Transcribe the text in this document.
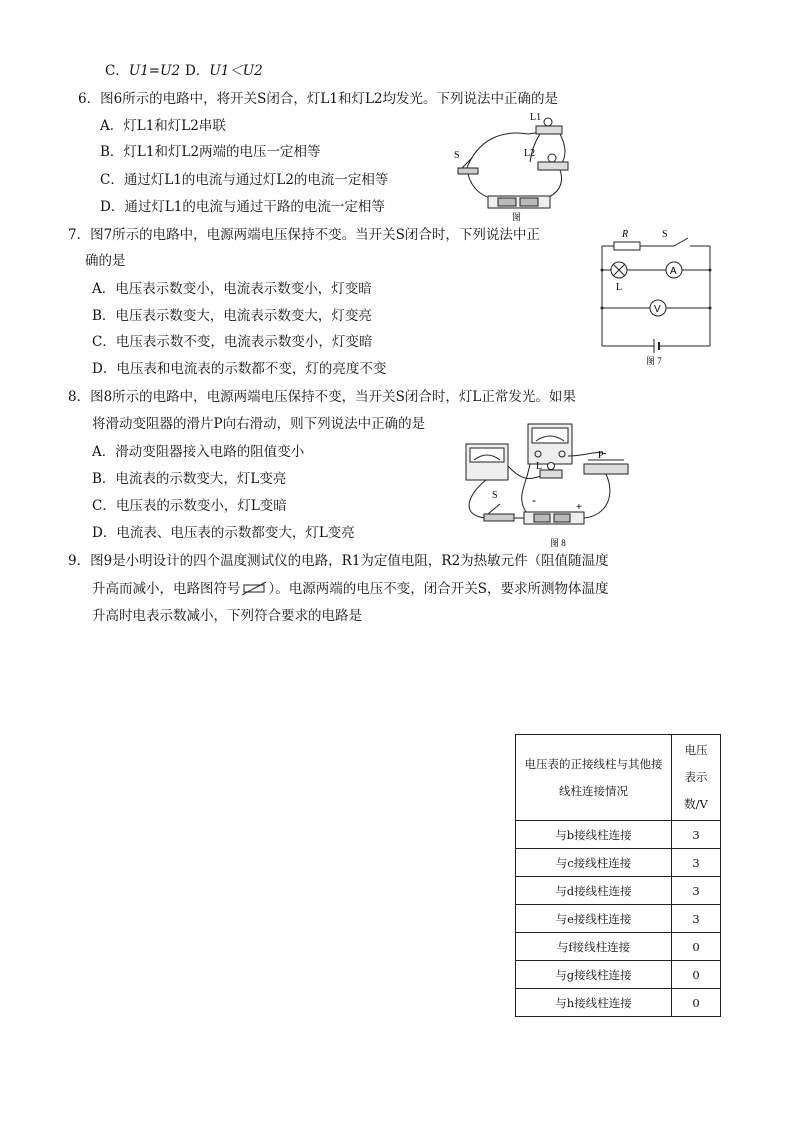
C．U1=U2 D．U1＜U2
6．图6所示的电路中，将开关S闭合，灯L1和灯L2均发光。下列说法中正确的是
A．灯L1和灯L2串联
B．灯L1和灯L2两端的电压一定相等
C．通过灯L1的电流与通过灯L2的电流一定相等
D．通过灯L1的电流与通过干路的电流一定相等
L1
L2
S
图
7．图7所示的电路中，电源两端电压保持不变。当开关S闭合时，下列说法中正
确的是
A．电压表示数变小，电流表示数变小，灯变暗
B．电压表示数变大，电流表示数变大，灯变亮
C．电压表示数不变，电流表示数变小，灯变暗
D．电压表和电流表的示数都不变，灯的亮度不变
R	S
A
L
V
图 7
8．图8所示的电路中，电源两端电压保持不变，当开关S闭合时，灯L正常发光。如果
将滑动变阻器的滑片P向右滑动，则下列说法中正确的是
A．滑动变阻器接入电路的阻值变小
B．电流表的示数变大，灯L变亮
C．电压表的示数变小，灯L变暗
D．电流表、电压表的示数都变大，灯L变亮
P
L
S	-
+
图 8
9．图9是小明设计的四个温度测试仪的电路，R1为定值电阻，R2为热敏元件（阻值随温度
升高而减小，电路图符号 ）。电源两端的电压不变，闭合开关S，要求所测物体温度
升高时电表示数减小，下列符合要求的电路是
电压表的正接线柱与其他接线柱连接情况	电压表示数/V
与b接线柱连接	3
与c接线柱连接	3
与d接线柱连接	3
与e接线柱连接	3
与f接线柱连接	0
与g接线柱连接	0
与h接线柱连接	0
